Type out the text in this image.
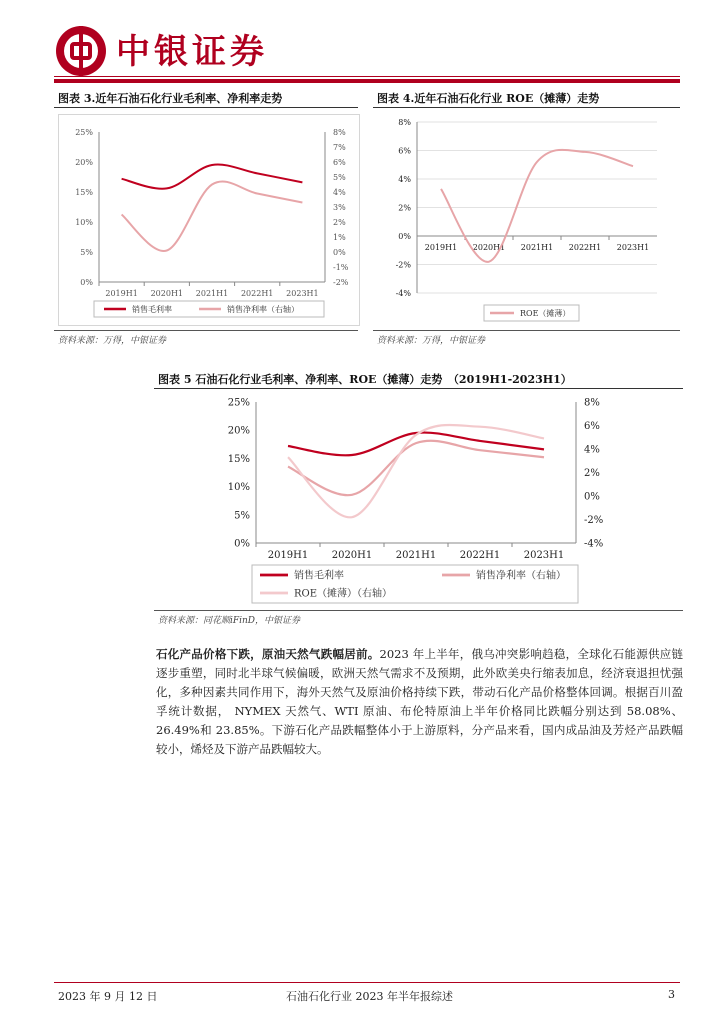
中银证券
图表 3.近年石油石化行业毛利率、净利率走势
25%
20%
15%
10%
5%
0%
8%
7%
6%
5%
4%
3%
2%
1%
0%
-1%
-2%
2019H1 2020H1 2021H1 2022H1 2023H1
销售毛利率	销售净利率（右轴）
资料来源：万得，中银证券
图表 4.近年石油石化行业 ROE（摊薄）走势
8%
6%
4%
2%
0%
-2%
-4%
2019H1 2020H1 2021H1 2022H1 2023H1
ROE（摊薄）
资料来源：万得，中银证券
图表 5 石油石化行业毛利率、净利率、ROE（摊薄）走势　（2019H1-2023H1）
25%
20%
15%
10%
5%
0%
8%
6%
4%
2%
0%
-2%
-4%
2019H1 2020H1 2021H1 2022H1 2023H1
销售毛利率	销售净利率（右轴）
ROE（摊薄）（右轴）
资料来源：同花顺iFinD，中银证券
石化产品价格下跌，原油天然气跌幅居前。2023 年上半年，俄乌冲突影响趋稳，全球化石能源供应链逐步重塑，同时北半球气候偏暖，欧洲天然气需求不及预期，此外欧美央行缩表加息，经济衰退担忧强化，多种因素共同作用下，海外天然气及原油价格持续下跌，带动石化产品价格整体回调。根据百川盈孚统计数据， NYMEX 天然气、WTI 原油、布伦特原油上半年价格同比跌幅分别达到 58.08%、26.49%和 23.85%。下游石化产品跌幅整体小于上游原料，分产品来看，国内成品油及芳烃产品跌幅较小，烯烃及下游产品跌幅较大。
2023 年 9 月 12 日	石油石化行业 2023 年半年报综述	3
